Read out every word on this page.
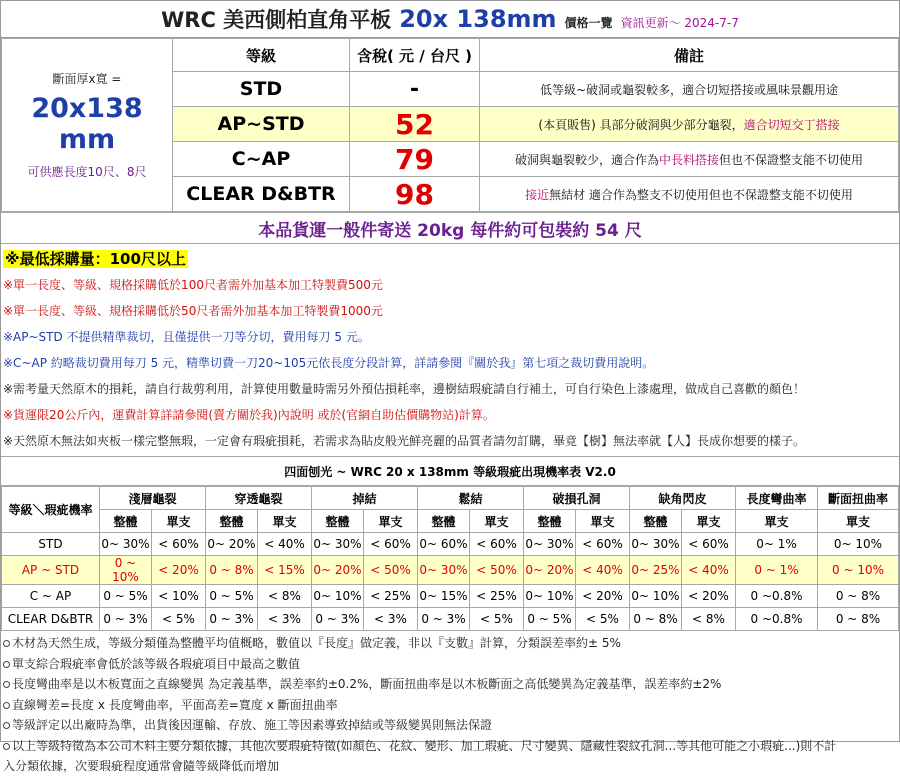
WRC 美西側柏直角平板 20x 138mm 價格一覽 資訊更新～ 2024-7-7
斷面厚x寬 =
20x138 mm
可供應長度10尺、8尺	等級	含稅( 元 / 台尺 )	備註
	STD	-	低等級~破洞或龜裂較多，適合切短搭接或風味景觀用途
	AP~STD	52	(本頁販售) 具部分破洞與少部分龜裂，適合切短交丁搭接
	C~AP	79	破洞與龜裂較少，適合作為中長料搭接但也不保證整支能不切使用
	CLEAR D&BTR	98	接近無結材 適合作為整支不切使用但也不保證整支能不切使用
本品貨運一般件寄送 20kg 每件約可包裝約 54 尺
※最低採購量：100尺以上
※單一長度、等級、規格採購低於100尺者需外加基本加工特製費500元
※單一長度、等級、規格採購低於50尺者需外加基本加工特製費1000元
※AP~STD 不提供精準裁切，且僅提供一刀等分切，費用每刀 5 元。
※C~AP 約略裁切費用每刀 5 元，精準切費一刀20~105元依長度分段計算，詳請參閱『關於我』第七項之裁切費用說明。
※需考量天然原木的損耗，請自行裁剪利用，計算使用數量時需另外預估損耗率，邊樹結瑕疵請自行補土，可自行染色上漆處理，做成自己喜歡的顏色！
※貨運限20公斤內，運費計算詳請參閱(賣方關於我)內說明 或於(官網自助估價購物站)計算。
※天然原木無法如夾板一樣完整無瑕，一定會有瑕疵損耗，若需求為貼皮般光鮮亮麗的品質者請勿訂購，畢竟【樹】無法率就【人】長成你想要的樣子。
四面刨光 ~ WRC 20 x 138mm 等級瑕疵出現機率表 V2.0
等級＼瑕疵機率	淺層龜裂		穿透龜裂		掉結		鬆結		破損孔洞		缺角閃皮		長度彎曲率	斷面扭曲率
	整體	單支	整體	單支	整體	單支	整體	單支	整體	單支	整體	單支	單支	單支
STD	0~ 30%	< 60%	0~ 20%	< 40%	0~ 30%	< 60%	0~ 60%	< 60%	0~ 30%	< 60%	0~ 30%	< 60%	0~ 1%	0~ 10%
AP ~ STD	0 ~ 10%	< 20%	0 ~ 8%	< 15%	0~ 20%	< 50%	0~ 30%	< 50%	0~ 20%	< 40%	0~ 25%	< 40%	0 ~ 1%	0 ~ 10%
C ~ AP	0 ~ 5%	< 10%	0 ~ 5%	< 8%	0~ 10%	< 25%	0~ 15%	< 25%	0~ 10%	< 20%	0~ 10%	< 20%	0 ~0.8%	0 ~ 8%
CLEAR D&BTR	0 ~ 3%	< 5%	0 ~ 3%	< 3%	0 ~ 3%	< 3%	0 ~ 3%	< 5%	0 ~ 5%	< 5%	0 ~ 8%	< 8%	0 ~0.8%	0 ~ 8%
木材為天然生成，等級分類僅為整體平均值概略，數值以『長度』做定義，非以『支數』計算，分類誤差率約± 5%
單支綜合瑕疵率會低於該等級各瑕疵項目中最高之數值
長度彎曲率是以木板寬面之直線變異 為定義基準，誤差率約±0.2%，斷面扭曲率是以木板斷面之高低變異為定義基準，誤差率約±2%
直線彎差=長度 x 長度彎曲率，平面高差=寬度 x 斷面扭曲率
等級評定以出廠時為準，出貨後因運輸、存放、施工等因素導致掉結或等級變異則無法保證
以上等級特徵為本公司木料主要分類依據，其他次要瑕疵特徵(如顏色、花紋、變形、加工瑕疵、尺寸變異、隱藏性裂紋孔洞...等其他可能之小瑕疵...)則不計
入分類依據，次要瑕疵程度通常會隨等級降低而增加
